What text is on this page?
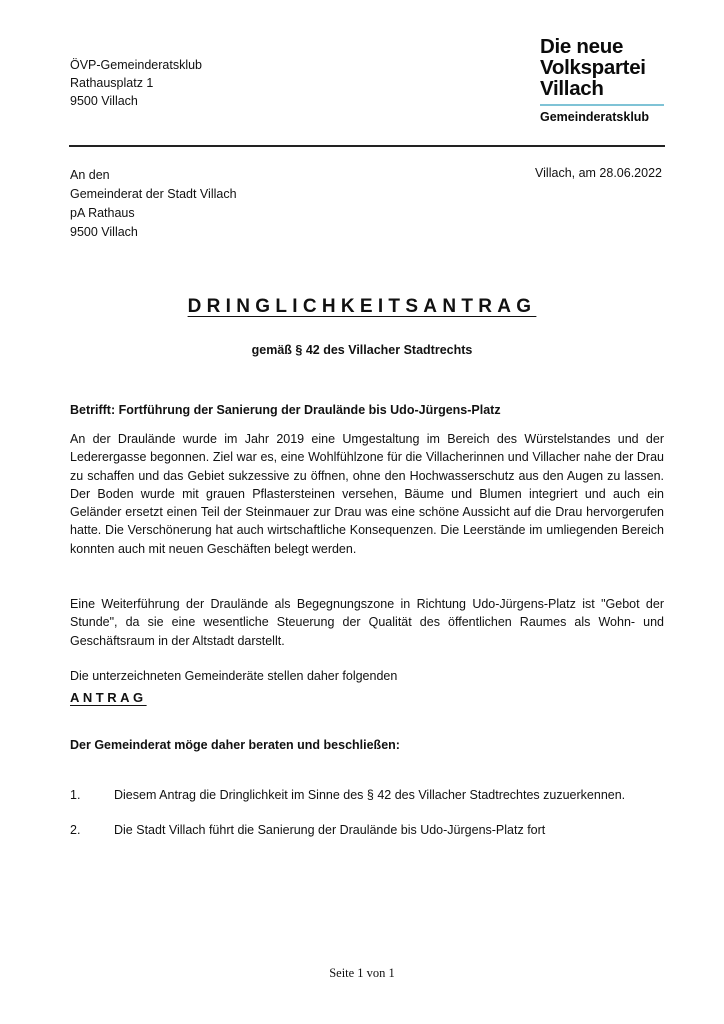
ÖVP-Gemeinderatsklub
Rathausplatz 1
9500 Villach
Die neue
Volkspartei
Villach
Gemeinderatsklub
An den
Gemeinderat der Stadt Villach
pA Rathaus
9500 Villach
Villach, am 28.06.2022
DRINGLICHKEITSANTRAG
gemäß § 42 des Villacher Stadtrechts
Betrifft: Fortführung der Sanierung der Draulände bis Udo-Jürgens-Platz
An der Draulände wurde im Jahr 2019 eine Umgestaltung im Bereich des Würstelstandes und der Lederergasse begonnen. Ziel war es, eine Wohlfühlzone für die Villacherinnen und Villacher nahe der Drau zu schaffen und das Gebiet sukzessive zu öffnen, ohne den Hochwasserschutz aus den Augen zu lassen. Der Boden wurde mit grauen Pflastersteinen versehen, Bäume und Blumen integriert und auch ein Geländer ersetzt einen Teil der Steinmauer zur Drau was eine schöne Aussicht auf die Drau hervorgerufen hatte. Die Verschönerung hat auch wirtschaftliche Konsequenzen. Die Leerstände im umliegenden Bereich konnten auch mit neuen Geschäften belegt werden.
Eine Weiterführung der Draulände als Begegnungszone in Richtung Udo-Jürgens-Platz ist "Gebot der Stunde", da sie eine wesentliche Steuerung der Qualität des öffentlichen Raumes als Wohn- und Geschäftsraum in der Altstadt darstellt.
Die unterzeichneten Gemeinderäte stellen daher folgenden
ANTRAG
Der Gemeinderat möge daher beraten und beschließen:
1.	Diesem Antrag die Dringlichkeit im Sinne des § 42 des Villacher Stadtrechtes zuzuerkennen.
2.	Die Stadt Villach führt die Sanierung der Draulände bis Udo-Jürgens-Platz fort
Seite 1 von 1
